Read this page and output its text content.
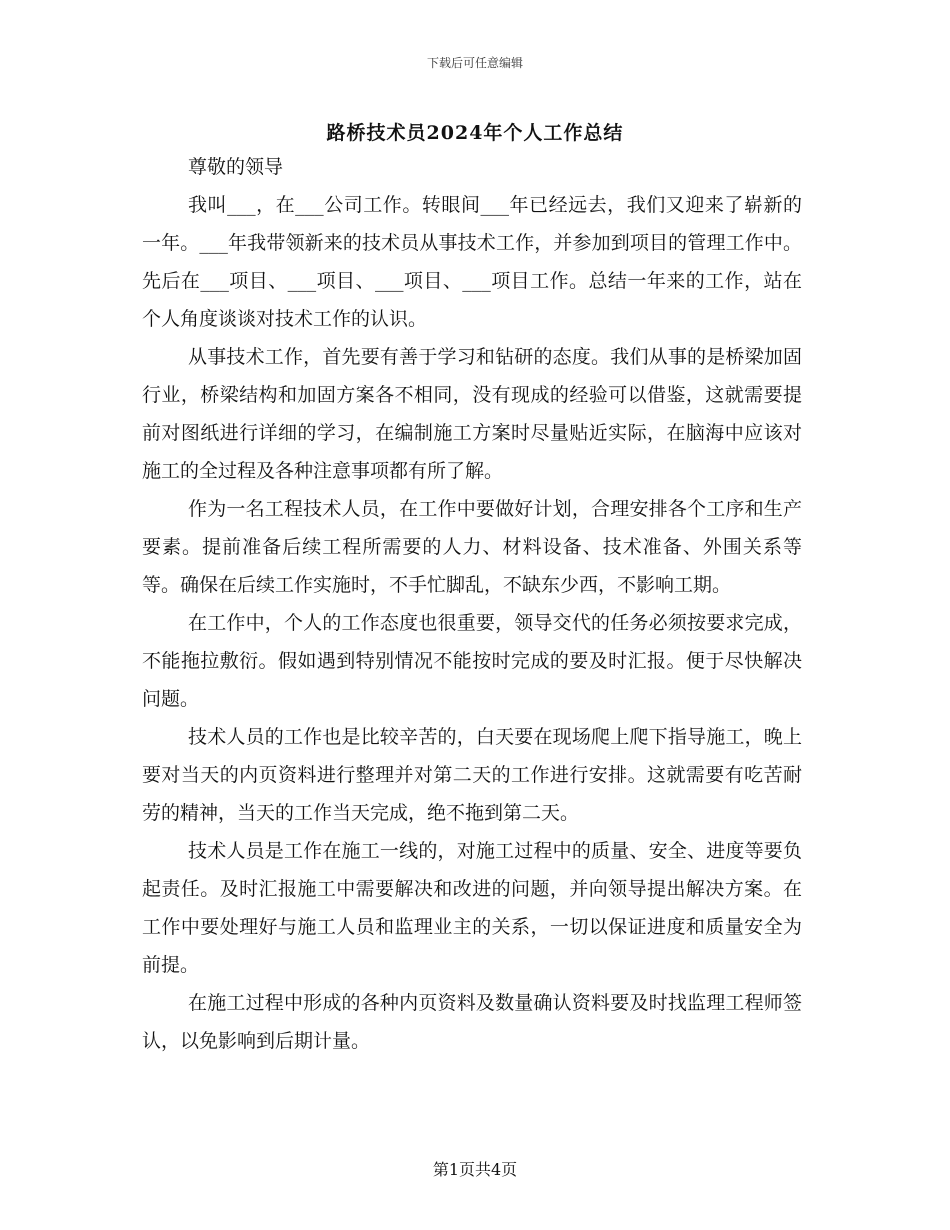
下载后可任意编辑
路桥技术员2024年个人工作总结

尊敬的领导

我叫___，在___公司工作。转眼间___年已经远去，我们又迎来了崭新的一年。___年我带领新来的技术员从事技术工作，并参加到项目的管理工作中。先后在___项目、___项目、___项目、___项目工作。总结一年来的工作，站在个人角度谈谈对技术工作的认识。

从事技术工作，首先要有善于学习和钻研的态度。我们从事的是桥梁加固行业，桥梁结构和加固方案各不相同，没有现成的经验可以借鉴，这就需要提前对图纸进行详细的学习，在编制施工方案时尽量贴近实际，在脑海中应该对施工的全过程及各种注意事项都有所了解。

作为一名工程技术人员，在工作中要做好计划，合理安排各个工序和生产要素。提前准备后续工程所需要的人力、材料设备、技术准备、外围关系等等。确保在后续工作实施时，不手忙脚乱，不缺东少西，不影响工期。

在工作中，个人的工作态度也很重要，领导交代的任务必须按要求完成，不能拖拉敷衍。假如遇到特别情况不能按时完成的要及时汇报。便于尽快解决问题。

技术人员的工作也是比较辛苦的，白天要在现场爬上爬下指导施工，晚上要对当天的内页资料进行整理并对第二天的工作进行安排。这就需要有吃苦耐劳的精神，当天的工作当天完成，绝不拖到第二天。

技术人员是工作在施工一线的，对施工过程中的质量、安全、进度等要负起责任。及时汇报施工中需要解决和改进的问题，并向领导提出解决方案。在工作中要处理好与施工人员和监理业主的关系，一切以保证进度和质量安全为前提。

在施工过程中形成的各种内页资料及数量确认资料要及时找监理工程师签认，以免影响到后期计量。

第1页共4页
